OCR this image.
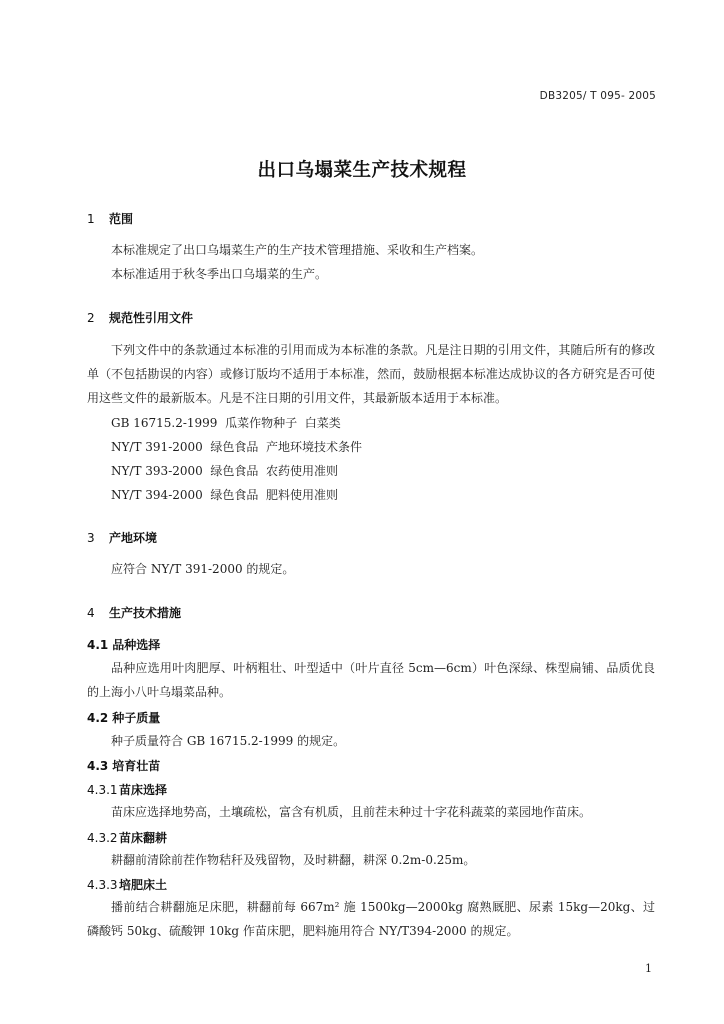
DB3205/ T 095- 2005
出口乌塌菜生产技术规程
1 范围
本标准规定了出口乌塌菜生产的生产技术管理措施、采收和生产档案。
本标准适用于秋冬季出口乌塌菜的生产。
2 规范性引用文件
下列文件中的条款通过本标准的引用而成为本标准的条款。凡是注日期的引用文件，其随后所有的修改单（不包括勘误的内容）或修订版均不适用于本标准，然而，鼓励根据本标准达成协议的各方研究是否可使用这些文件的最新版本。凡是不注日期的引用文件，其最新版本适用于本标准。
GB 16715.2-1999  瓜菜作物种子  白菜类
NY/T 391-2000  绿色食品  产地环境技术条件
NY/T 393-2000  绿色食品  农药使用准则
NY/T 394-2000  绿色食品  肥料使用准则
3 产地环境
应符合 NY/T 391-2000 的规定。
4 生产技术措施
4.1 品种选择
品种应选用叶肉肥厚、叶柄粗壮、叶型适中（叶片直径 5cm—6cm）叶色深绿、株型扁铺、品质优良的上海小八叶乌塌菜品种。
4.2 种子质量
种子质量符合 GB 16715.2-1999 的规定。
4.3 培育壮苗
4.3.1苗床选择
苗床应选择地势高，土壤疏松，富含有机质，且前茬未种过十字花科蔬菜的菜园地作苗床。
4.3.2苗床翻耕
耕翻前清除前茬作物秸秆及残留物，及时耕翻，耕深 0.2m-0.25m。
4.3.3培肥床土
播前结合耕翻施足床肥，耕翻前每 667m² 施 1500kg—2000kg 腐熟厩肥、尿素 15kg—20kg、过磷酸钙 50kg、硫酸钾 10kg 作苗床肥，肥料施用符合 NY/T394-2000 的规定。
1
